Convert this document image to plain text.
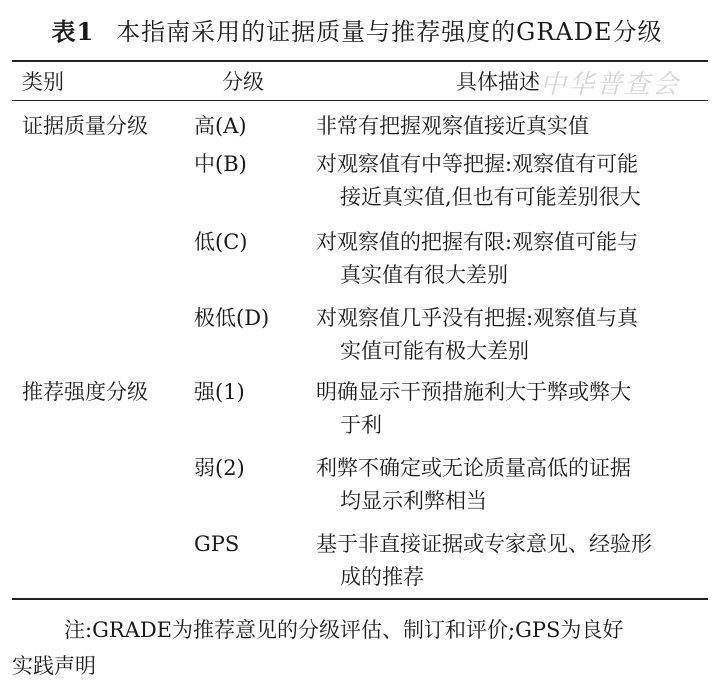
表1 本指南采用的证据质量与推荐强度的GRADE分级
类别	分级	具体描述 中华普查会
证据质量分级 高(A)	非常有把握观察值接近真实值
中(B)	对观察值有中等把握:观察值有可能
接近真实值,但也有可能差别很大
低(C)	对观察值的把握有限:观察值可能与
真实值有很大差别
极低(D) 对观察值几乎没有把握:观察值与真
实值可能有极大差别
推荐强度分级 强(1)	明确显示干预措施利大于弊或弊大
于利
弱(2)	利弊不确定或无论质量高低的证据
均显示利弊相当
GPS	基于非直接证据或专家意见、经验形
成的推荐
注:GRADE为推荐意见的分级评估、制订和评价;GPS为良好
实践声明
